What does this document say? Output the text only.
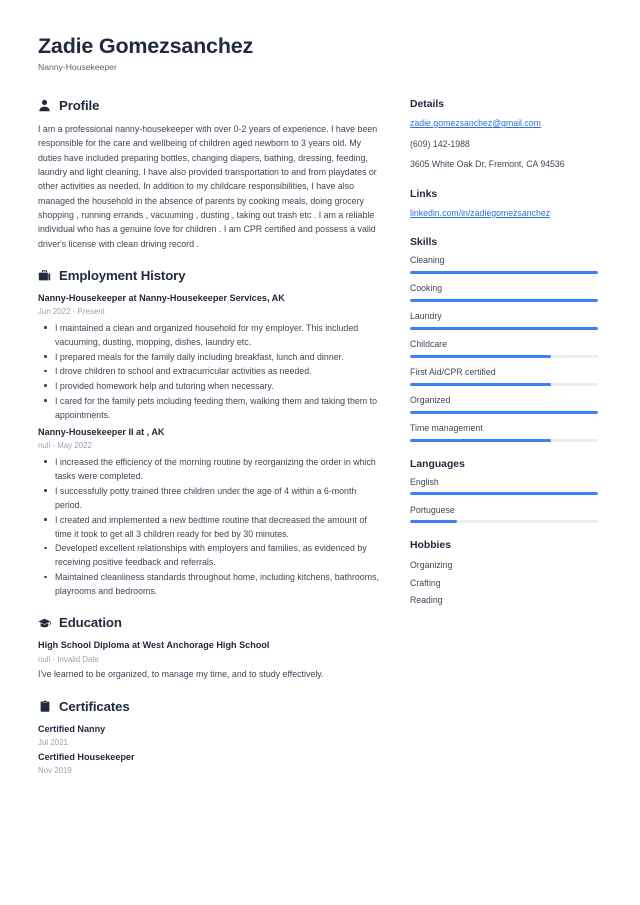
Zadie Gomezsanchez
Nanny-Housekeeper
Profile
I am a professional nanny-housekeeper with over 0-2 years of experience. I have been responsible for the care and wellbeing of children aged newborn to 3 years old. My duties have included preparing bottles, changing diapers, bathing, dressing, feeding, laundry and light cleaning. I have also provided transportation to and from playdates or other activities as needed. In addition to my childcare responsibilities, I have also managed the household in the absence of parents by cooking meals, doing grocery shopping , running errands , vacuuming , dusting , taking out trash etc . I am a reliable individual who has a genuine love for children . I am CPR certified and possess a valid driver's license with clean driving record .
Employment History
Nanny-Housekeeper at Nanny-Housekeeper Services, AK
Jun 2022 - Present
I maintained a clean and organized household for my employer. This included vacuuming, dusting, mopping, dishes, laundry etc.
I prepared meals for the family daily including breakfast, lunch and dinner.
I drove children to school and extracurricular activities as needed.
I provided homework help and tutoring when necessary.
I cared for the family pets including feeding them, walking them and taking them to appointments.
Nanny-Housekeeper II at , AK
null - May 2022
I increased the efficiency of the morning routine by reorganizing the order in which tasks were completed.
I successfully potty trained three children under the age of 4 within a 6-month period.
I created and implemented a new bedtime routine that decreased the amount of time it took to get all 3 children ready for bed by 30 minutes.
Developed excellent relationships with employers and families, as evidenced by receiving positive feedback and referrals.
Maintained cleanliness standards throughout home, including kitchens, bathrooms, playrooms and bedrooms.
Education
High School Diploma at West Anchorage High School
null - Invalid Date
I've learned to be organized, to manage my time, and to study effectively.
Certificates
Certified Nanny
Jul 2021
Certified Housekeeper
Nov 2019
Details
zadie.gomezsanchez@gmail.com
(609) 142-1988
3605 White Oak Dr, Fremont, CA 94536
Links
linkedin.com/in/zadiegomezsanchez
Skills
Cleaning
Cooking
Laundry
Childcare
First Aid/CPR certified
Organized
Time management
Languages
English
Portuguese
Hobbies
Organizing
Crafting
Reading
